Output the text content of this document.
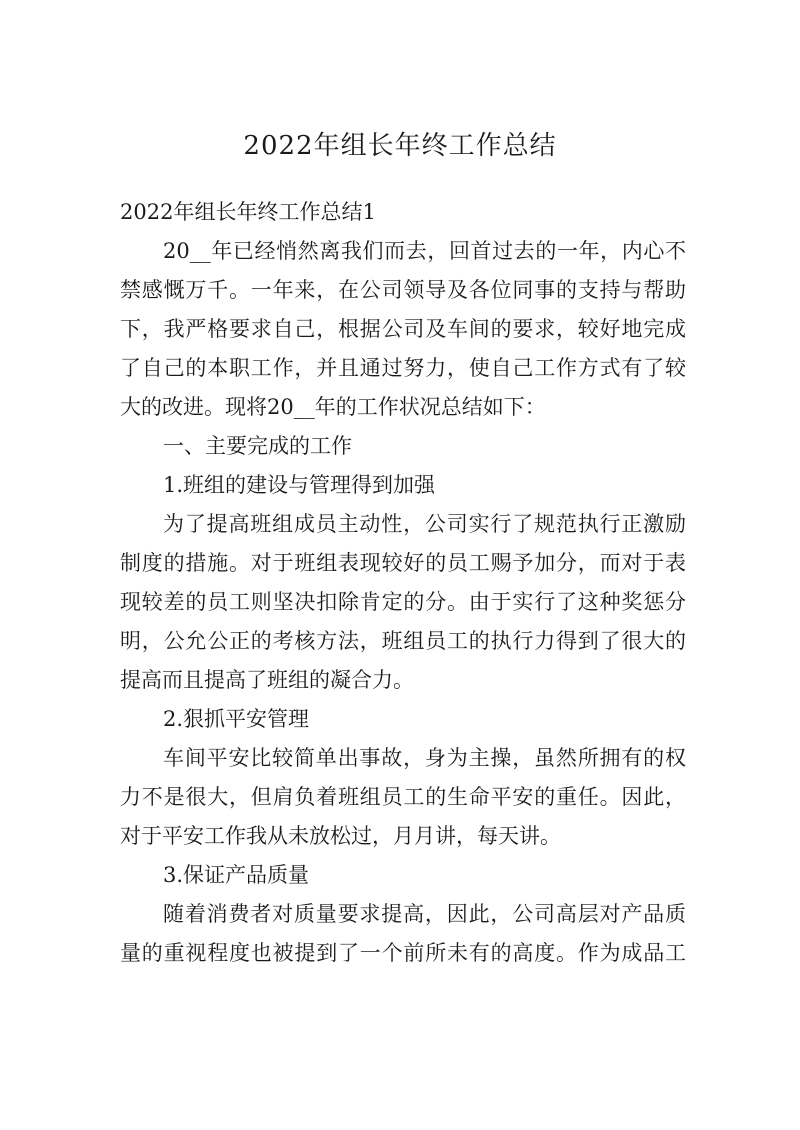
2022年组长年终工作总结
2022年组长年终工作总结1
20__年已经悄然离我们而去，回首过去的一年，内心不
禁感慨万千。一年来，在公司领导及各位同事的支持与帮助
下，我严格要求自己，根据公司及车间的要求，较好地完成
了自己的本职工作，并且通过努力，使自己工作方式有了较
大的改进。现将20__年的工作状况总结如下：
一、主要完成的工作
1.班组的建设与管理得到加强
为了提高班组成员主动性，公司实行了规范执行正激励
制度的措施。对于班组表现较好的员工赐予加分，而对于表
现较差的员工则坚决扣除肯定的分。由于实行了这种奖惩分
明，公允公正的考核方法，班组员工的执行力得到了很大的
提高而且提高了班组的凝合力。
2.狠抓平安管理
车间平安比较简单出事故，身为主操，虽然所拥有的权
力不是很大，但肩负着班组员工的生命平安的重任。因此，
对于平安工作我从未放松过，月月讲，每天讲。
3.保证产品质量
随着消费者对质量要求提高，因此，公司高层对产品质
量的重视程度也被提到了一个前所未有的高度。作为成品工
